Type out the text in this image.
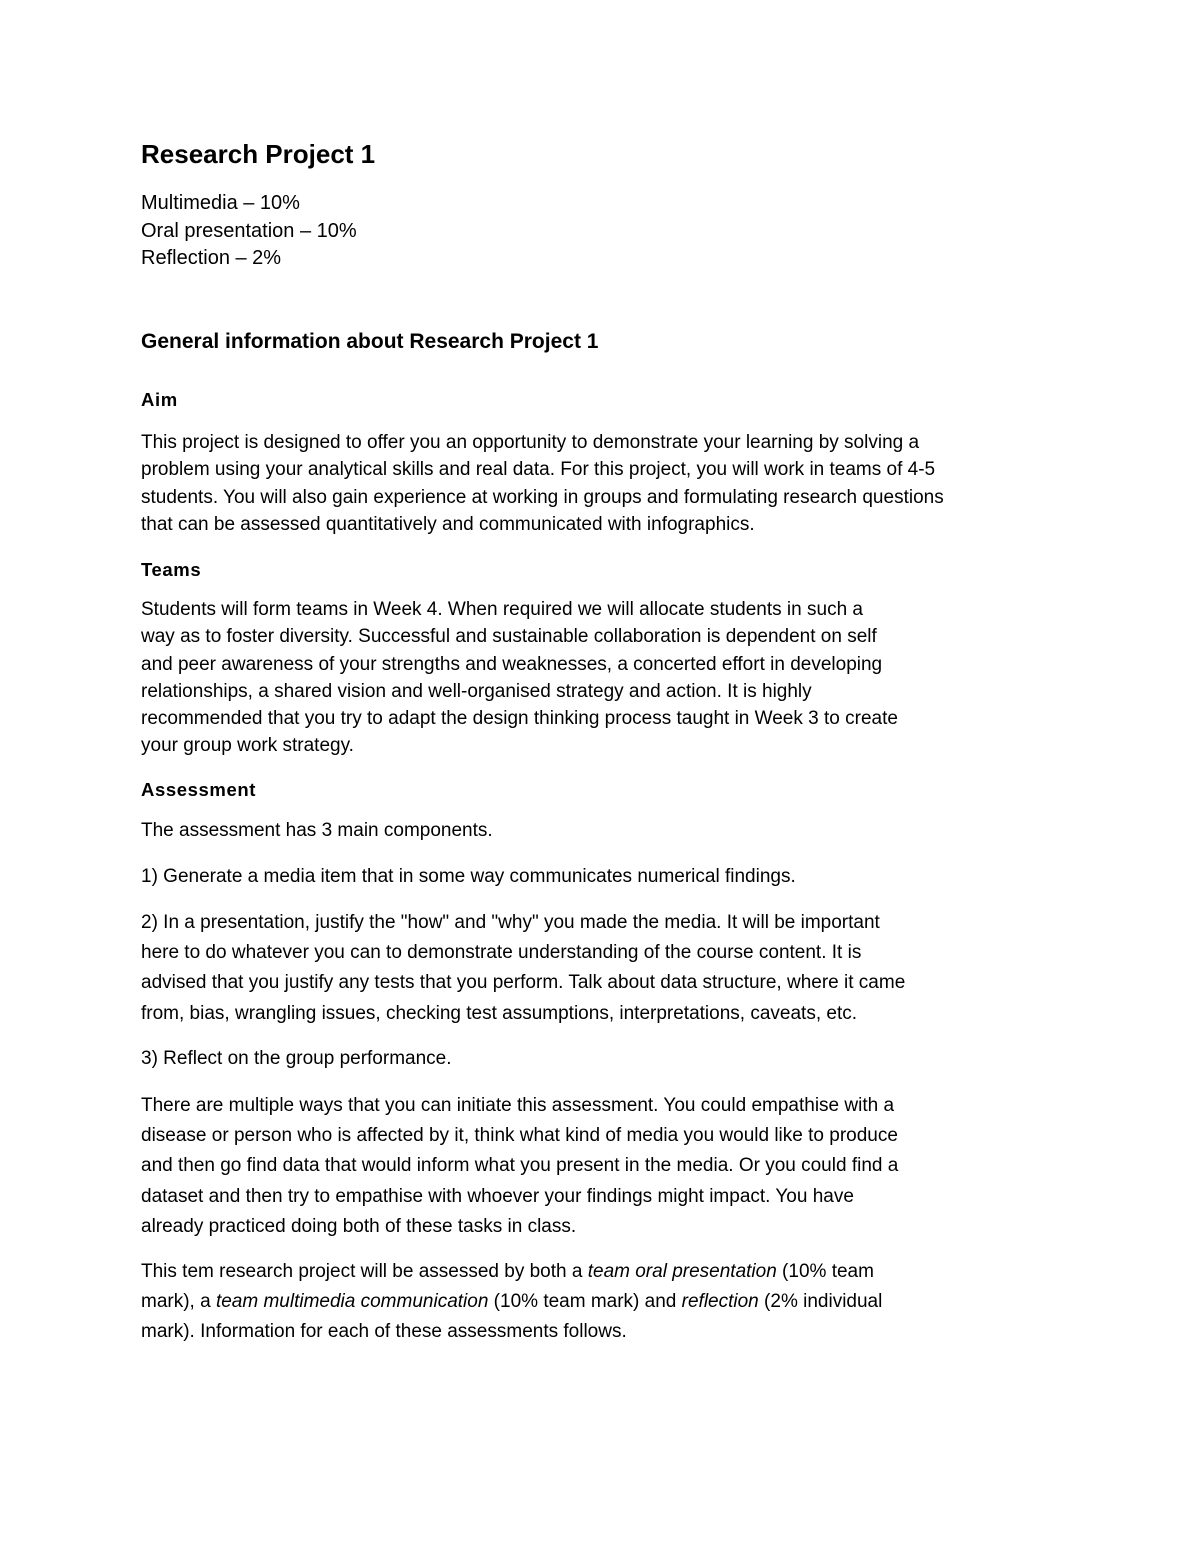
Research Project 1
Multimedia – 10%
Oral presentation – 10%
Reflection – 2%
General information about Research Project 1
Aim
This project is designed to offer you an opportunity to demonstrate your learning by solving a
problem using your analytical skills and real data. For this project, you will work in teams of 4-5
students. You will also gain experience at working in groups and formulating research questions
that can be assessed quantitatively and communicated with infographics.
Teams
Students will form teams in Week 4. When required we will allocate students in such a
way as to foster diversity. Successful and sustainable collaboration is dependent on self
and peer awareness of your strengths and weaknesses, a concerted effort in developing
relationships, a shared vision and well-organised strategy and action. It is highly
recommended that you try to adapt the design thinking process taught in Week 3 to create
your group work strategy.
Assessment
The assessment has 3 main components.
1) Generate a media item that in some way communicates numerical findings.
2) In a presentation, justify the "how" and "why" you made the media. It will be important
here to do whatever you can to demonstrate understanding of the course content. It is
advised that you justify any tests that you perform. Talk about data structure, where it came
from, bias, wrangling issues, checking test assumptions, interpretations, caveats, etc.
3) Reflect on the group performance.
There are multiple ways that you can initiate this assessment. You could empathise with a
disease or person who is affected by it, think what kind of media you would like to produce
and then go find data that would inform what you present in the media. Or you could find a
dataset and then try to empathise with whoever your findings might impact. You have
already practiced doing both of these tasks in class.
This tem research project will be assessed by both a team oral presentation (10% team
mark), a team multimedia communication (10% team mark) and reflection (2% individual
mark). Information for each of these assessments follows.
